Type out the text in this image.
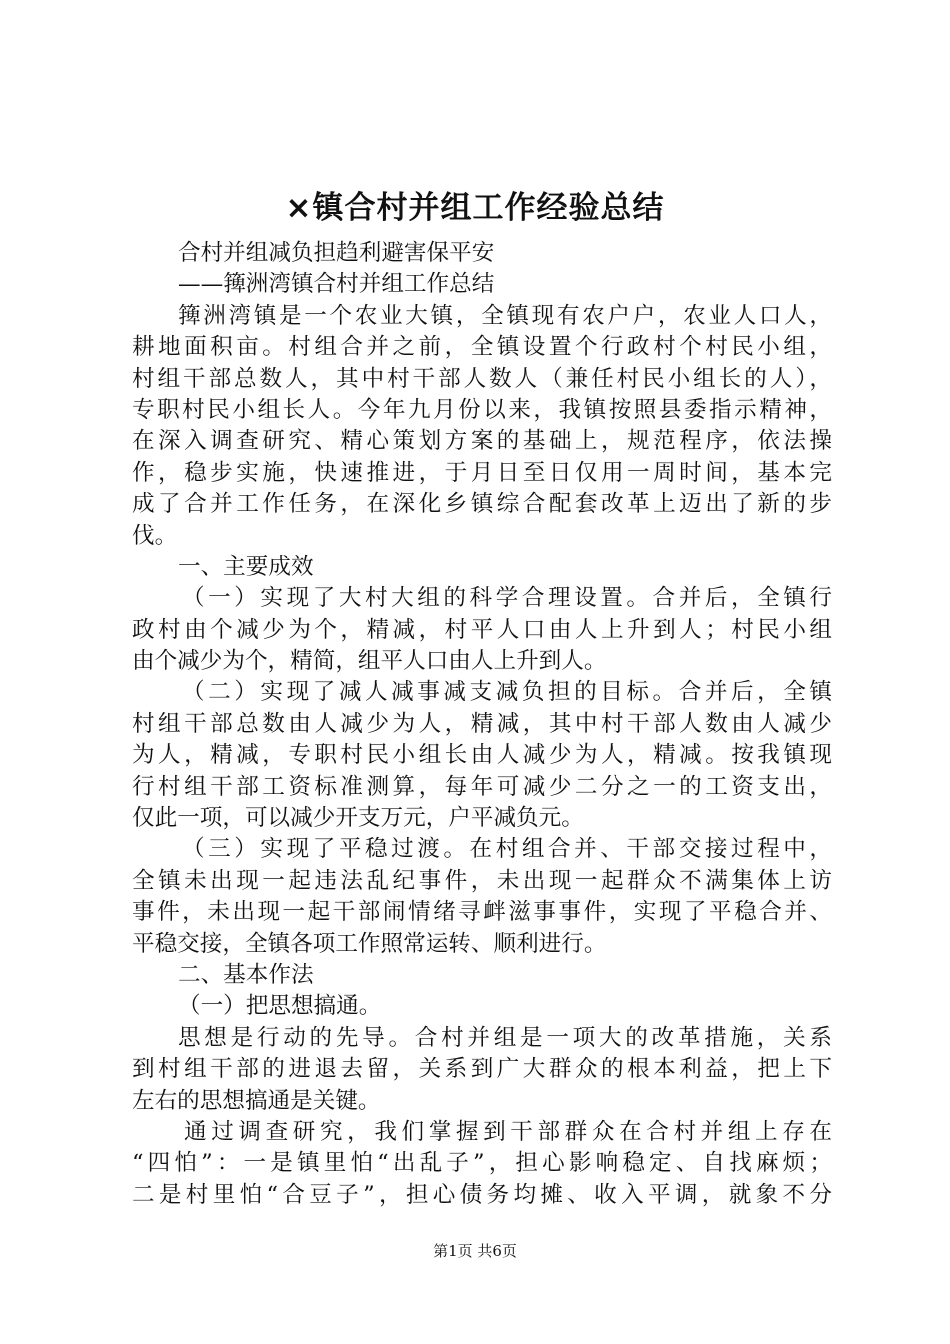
×镇合村并组工作经验总结
合村并组减负担趋利避害保平安
——篺洲湾镇合村并组工作总结
篺洲湾镇是一个农业大镇，全镇现有农户户，农业人口人，
耕地面积亩。村组合并之前，全镇设置个行政村个村民小组，
村组干部总数人，其中村干部人数人（兼任村民小组长的人），
专职村民小组长人。今年九月份以来，我镇按照县委指示精神，
在深入调查研究、精心策划方案的基础上，规范程序，依法操
作，稳步实施，快速推进，于月日至日仅用一周时间，基本完
成了合并工作任务，在深化乡镇综合配套改革上迈出了新的步
伐。
一、主要成效
（一）实现了大村大组的科学合理设置。合并后，全镇行
政村由个减少为个，精减，村平人口由人上升到人；村民小组
由个减少为个，精简，组平人口由人上升到人。
（二）实现了减人减事减支减负担的目标。合并后，全镇
村组干部总数由人减少为人，精减，其中村干部人数由人减少
为人，精减，专职村民小组长由人减少为人，精减。按我镇现
行村组干部工资标准测算，每年可减少二分之一的工资支出，
仅此一项，可以减少开支万元，户平减负元。
（三）实现了平稳过渡。在村组合并、干部交接过程中，
全镇未出现一起违法乱纪事件，未出现一起群众不满集体上访
事件，未出现一起干部闹情绪寻衅滋事事件，实现了平稳合并、
平稳交接，全镇各项工作照常运转、顺利进行。
二、基本作法
（一）把思想搞通。
思想是行动的先导。合村并组是一项大的改革措施，关系
到村组干部的进退去留，关系到广大群众的根本利益，把上下
左右的思想搞通是关键。
通过调查研究，我们掌握到干部群众在合村并组上存在
“四怕”：一是镇里怕“出乱子”，担心影响稳定、自找麻烦；
二是村里怕“合豆子”，担心债务均摊、收入平调，就象不分
第1页 共6页
